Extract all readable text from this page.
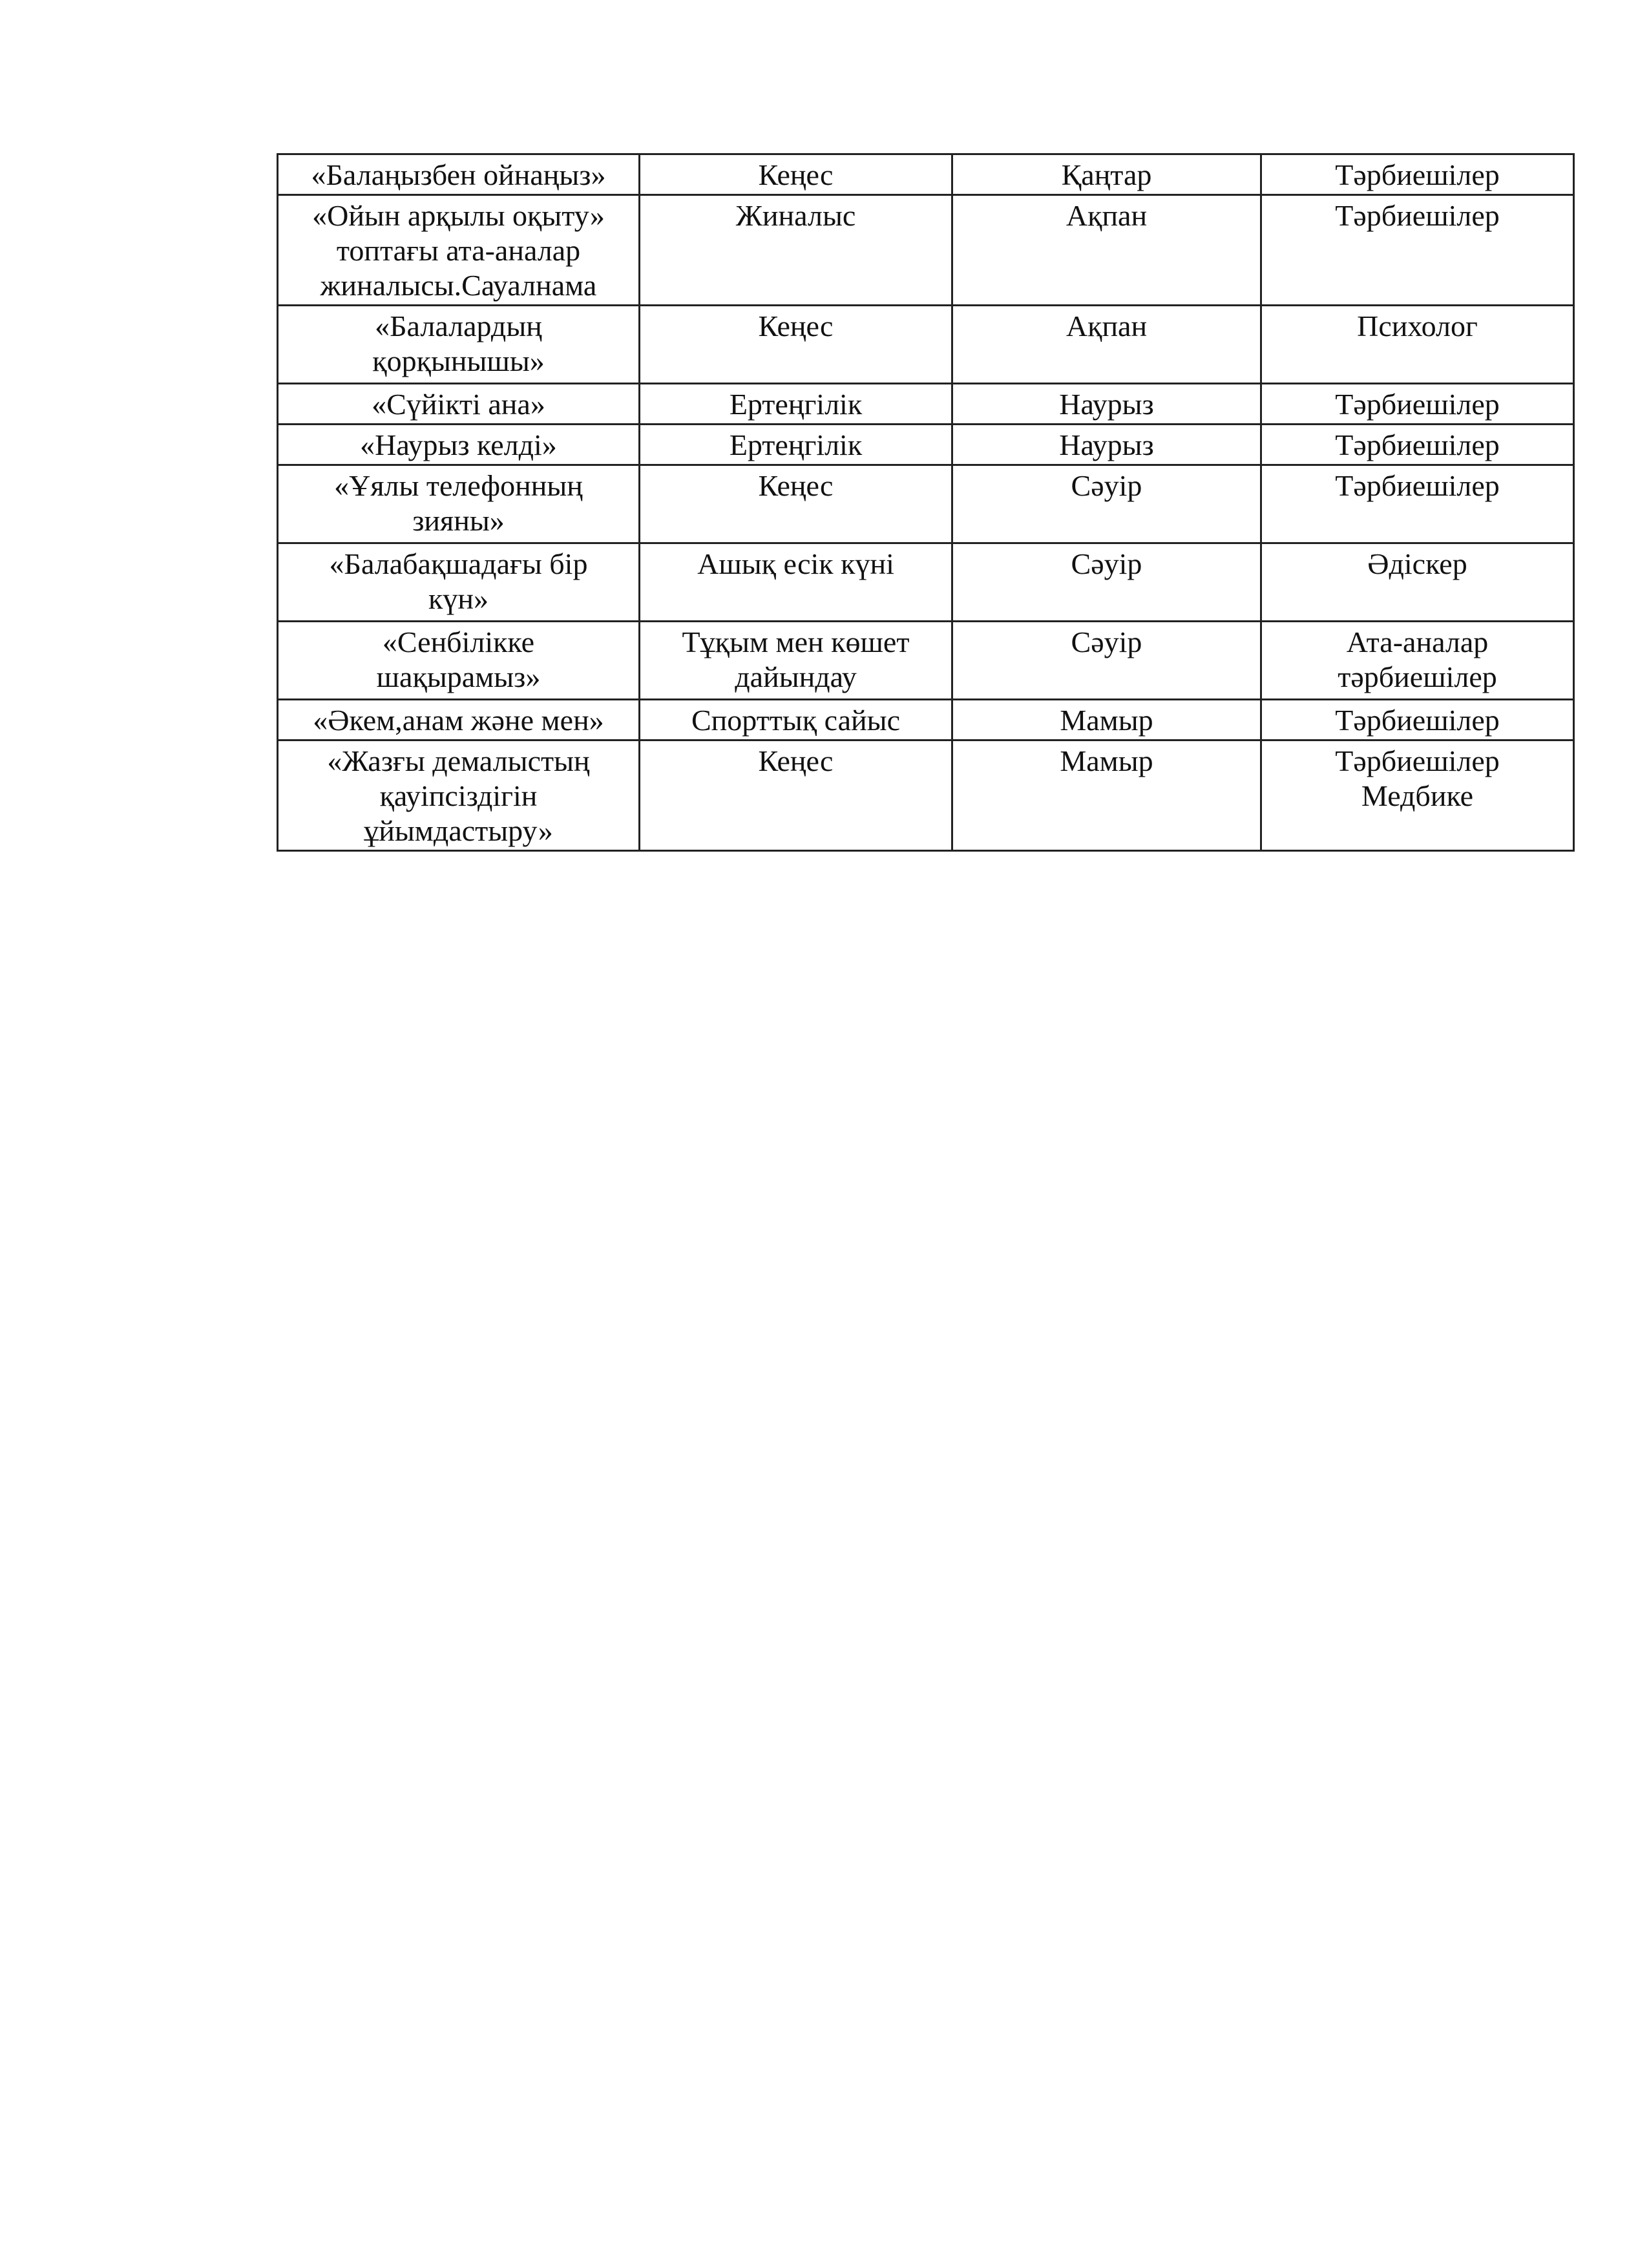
«Балаңызбен ойнаңыз»	Кеңес	Қаңтар	Тәрбиешілер

«Ойын арқылы оқыту»
топтағы ата-аналар
жиналысы.Сауалнама	Жиналыс	Ақпан	Тәрбиешілер

«Балалардың
қорқынышы»	Кеңес	Ақпан	Психолог

«Сүйікті ана»	Ертеңгілік	Наурыз	Тәрбиешілер

«Наурыз келді»	Ертеңгілік	Наурыз	Тәрбиешілер

«Ұялы телефонның
зияны»	Кеңес	Сәуір	Тәрбиешілер

«Балабақшадағы бір
күн»	Ашық есік күні	Сәуір	Әдіскер

«Сенбілікке
шақырамыз»	Тұқым мен көшет
дайындау	Сәуір	Ата-аналар
тәрбиешілер

«Әкем,анам және мен»	Спорттық сайыс	Мамыр	Тәрбиешілер

«Жазғы демалыстың
қауіпсіздігін
ұйымдастыру»	Кеңес	Мамыр	Тәрбиешілер
Медбике
